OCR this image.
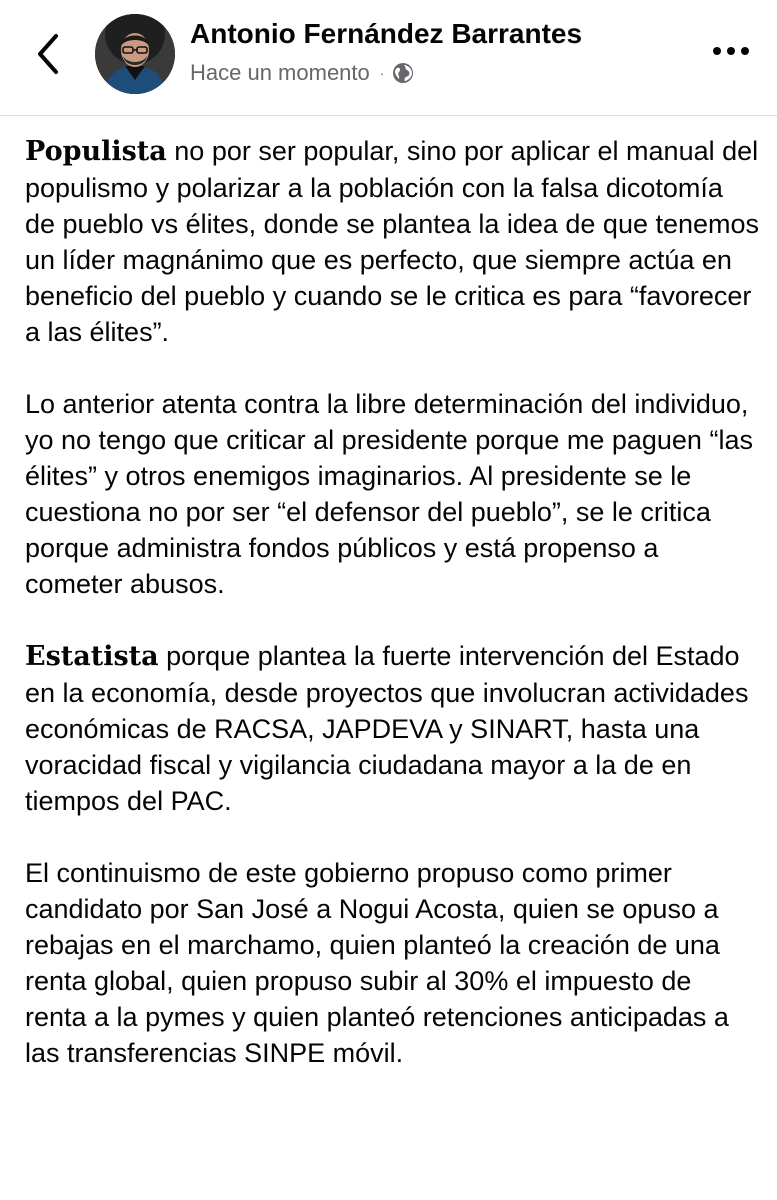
Antonio Fernández Barrantes
Hace un momento ·

Populista no por ser popular, sino por aplicar el manual del populismo y polarizar a la población con la falsa dicotomía de pueblo vs élites, donde se plantea la idea de que tenemos un líder magnánimo que es perfecto, que siempre actúa en beneficio del pueblo y cuando se le critica es para “favorecer a las élites”.

Lo anterior atenta contra la libre determinación del individuo, yo no tengo que criticar al presidente porque me paguen “las élites” y otros enemigos imaginarios. Al presidente se le cuestiona no por ser “el defensor del pueblo”, se le critica porque administra fondos públicos y está propenso a cometer abusos.

Estatista porque plantea la fuerte intervención del Estado en la economía, desde proyectos que involucran actividades económicas de RACSA, JAPDEVA y SINART, hasta una voracidad fiscal y vigilancia ciudadana mayor a la de en tiempos del PAC.

El continuismo de este gobierno propuso como primer candidato por San José a Nogui Acosta, quien se opuso a rebajas en el marchamo, quien planteó la creación de una renta global, quien propuso subir al 30% el impuesto de renta a la pymes y quien planteó retenciones anticipadas a las transferencias SINPE móvil.
